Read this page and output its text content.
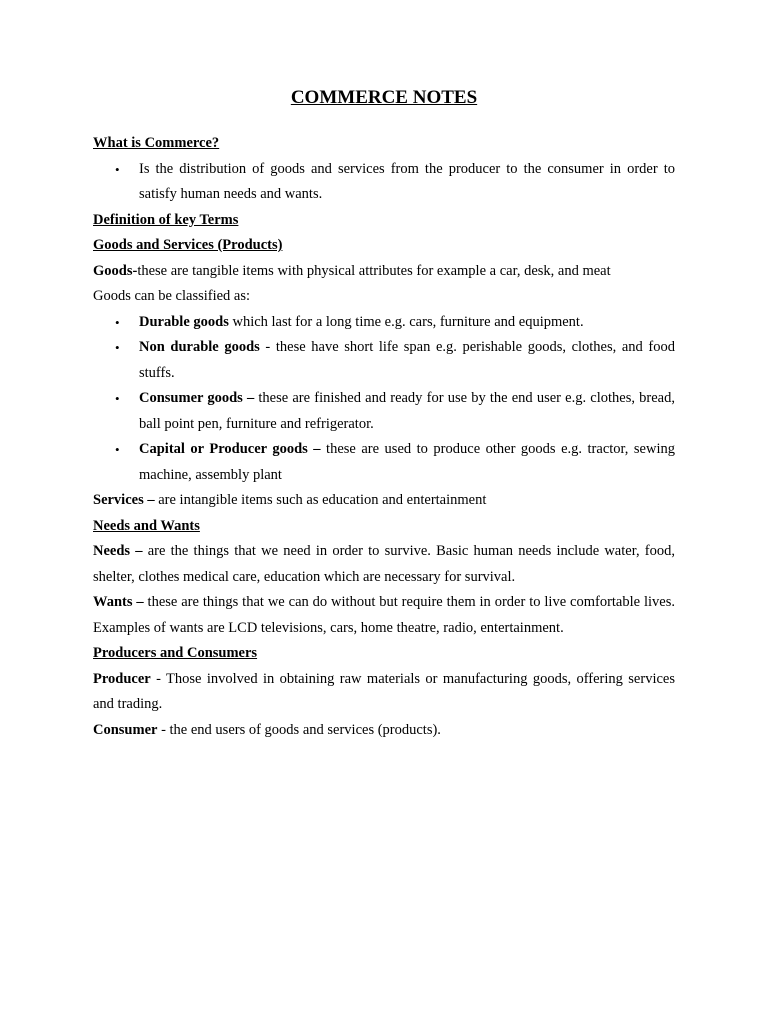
COMMERCE NOTES

What is Commerce?

• Is the distribution of goods and services from the producer to the consumer in order to satisfy human needs and wants.

Definition of key Terms

Goods and Services (Products)

Goods-these are tangible items with physical attributes for example a car, desk, and meat

Goods can be classified as:

• Durable goods which last for a long time e.g. cars, furniture and equipment.
• Non durable goods - these have short life span e.g. perishable goods, clothes, and food stuffs.
• Consumer goods – these are finished and ready for use by the end user e.g. clothes, bread, ball point pen, furniture and refrigerator.
• Capital or Producer goods – these are used to produce other goods e.g. tractor, sewing machine, assembly plant

Services – are intangible items such as education and entertainment

Needs and Wants

Needs – are the things that we need in order to survive. Basic human needs include water, food, shelter, clothes medical care, education which are necessary for survival.

Wants – these are things that we can do without but require them in order to live comfortable lives. Examples of wants are LCD televisions, cars, home theatre, radio, entertainment.

Producers and Consumers

Producer - Those involved in obtaining raw materials or manufacturing goods, offering services and trading.

Consumer - the end users of goods and services (products).
